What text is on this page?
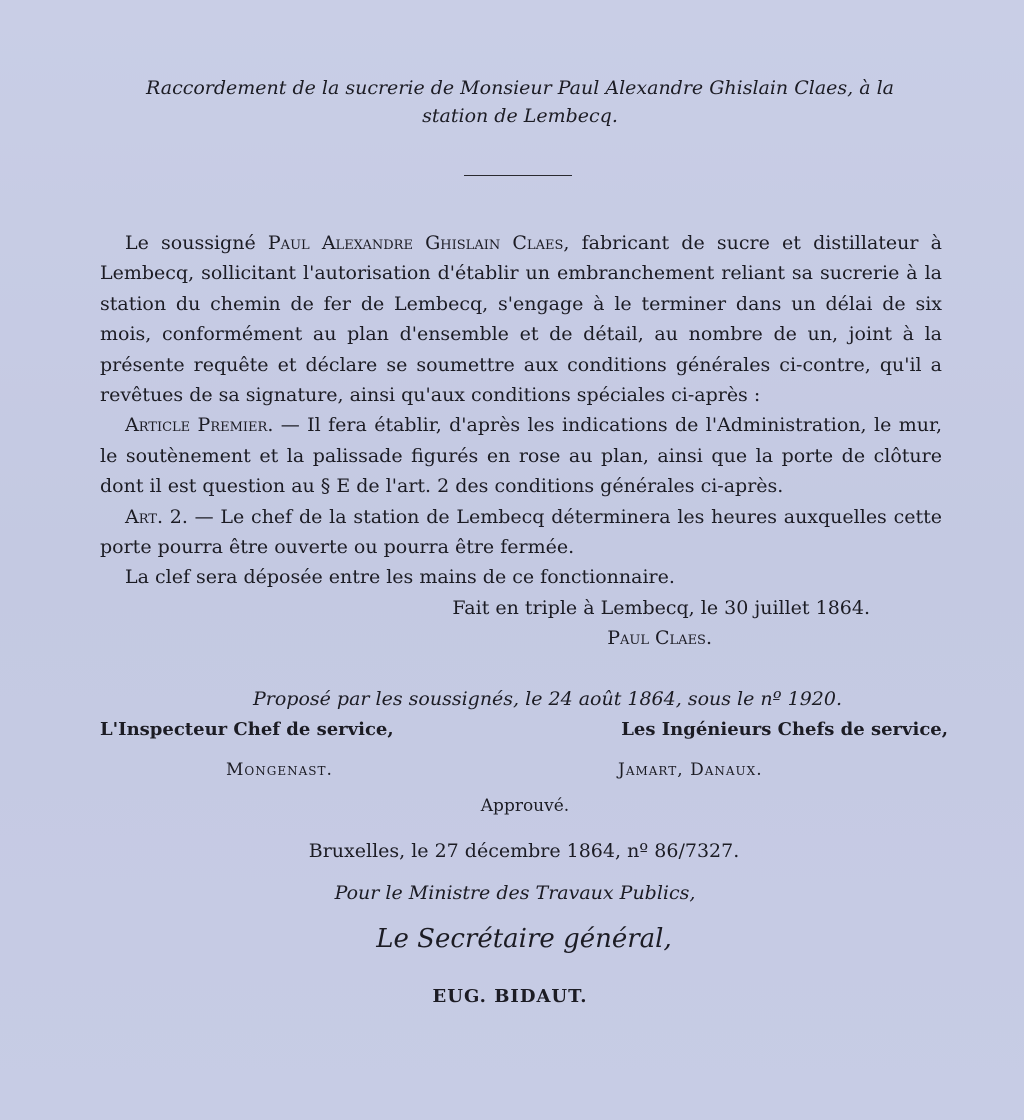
Raccordement de la sucrerie de Monsieur Paul Alexandre Ghislain Claes, à la
station de Lembecq.

Le soussigné Paul Alexandre Ghislain Claes, fabricant de sucre et distillateur à Lembecq, sollicitant l'autorisation d'établir un embranchement reliant sa sucrerie à la station du chemin de fer de Lembecq, s'engage à le terminer dans un délai de six mois, conformément au plan d'ensemble et de détail, au nombre de un, joint à la présente requête et déclare se soumettre aux conditions générales ci-contre, qu'il a revêtues de sa signature, ainsi qu'aux conditions spéciales ci-après :

Article Premier. — Il fera établir, d'après les indications de l'Administration, le mur, le soutènement et la palissade figurés en rose au plan, ainsi que la porte de clôture dont il est question au § E de l'art. 2 des conditions générales ci-après.

Art. 2. — Le chef de la station de Lembecq déterminera les heures auxquelles cette porte pourra être ouverte ou pourra être fermée.

La clef sera déposée entre les mains de ce fonctionnaire.

Fait en triple à Lembecq, le 30 juillet 1864.

Paul Claes.

Proposé par les soussignés, le 24 août 1864, sous le nº 1920.
L'Inspecteur Chef de service,	Les Ingénieurs Chefs de service,
Mongenast.	Jamart, Danaux.
Approuvé.
Bruxelles, le 27 décembre 1864, nº 86/7327.
Pour le Ministre des Travaux Publics,
Le Secrétaire général,
EUG. BIDAUT.
